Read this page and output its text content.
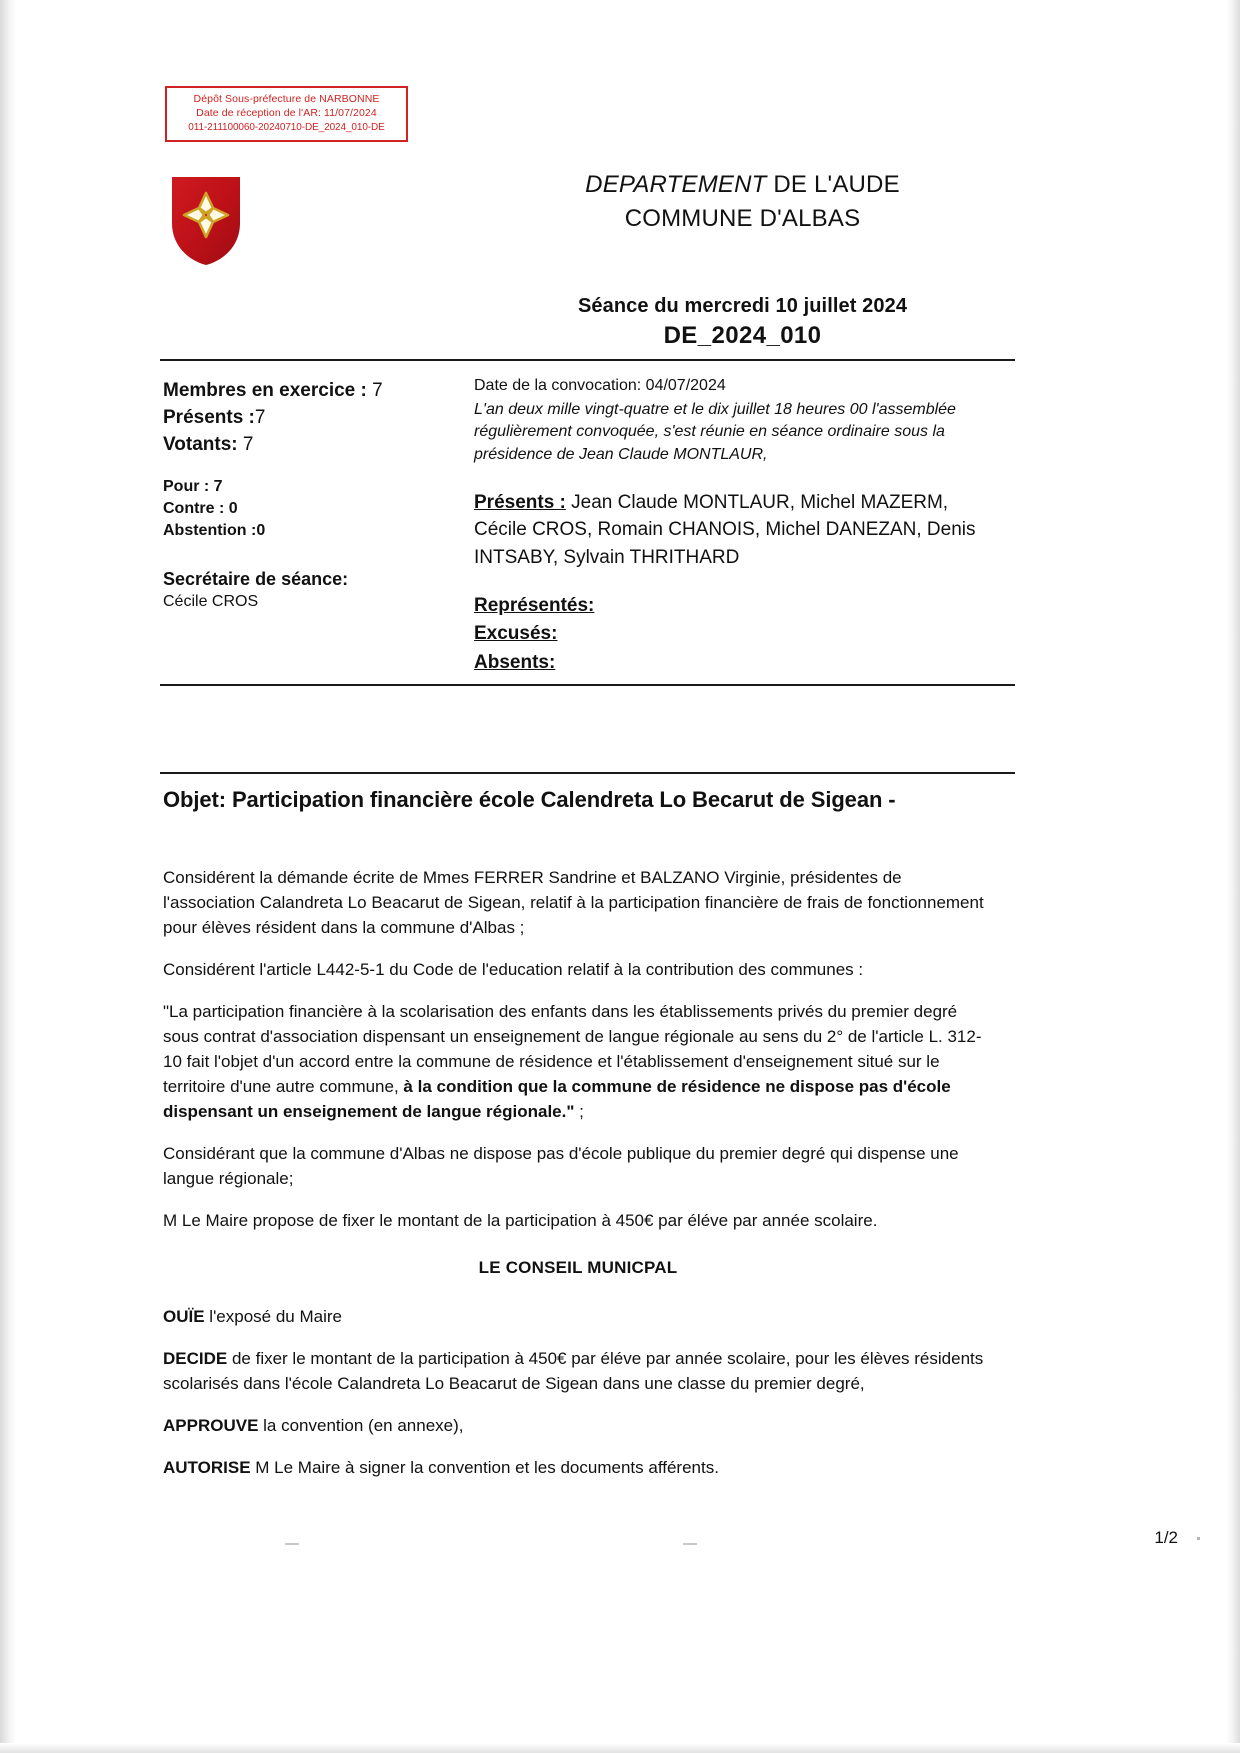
Dépôt Sous-préfecture de NARBONNE
Date de réception de l'AR: 11/07/2024
011-211100060-20240710-DE_2024_010-DE
DEPARTEMENT DE L'AUDE
COMMUNE D'ALBAS
Séance du mercredi 10 juillet 2024
DE_2024_010
Membres en exercice : 7
Présents :7
Votants: 7
Pour : 7
Contre : 0
Abstention :0
Secrétaire de séance:
Cécile CROS
Date de la convocation: 04/07/2024
L'an deux mille vingt-quatre et le dix juillet 18 heures 00 l'assemblée régulièrement convoquée, s'est réunie en séance ordinaire sous la présidence de Jean Claude MONTLAUR,
Présents : Jean Claude MONTLAUR, Michel MAZERM, Cécile CROS, Romain CHANOIS, Michel DANEZAN, Denis INTSABY, Sylvain THRITHARD
Représentés:
Excusés:
Absents:
Objet: Participation financière école Calendreta Lo Becarut de Sigean -

Considérent la démande écrite de Mmes FERRER Sandrine et BALZANO Virginie, présidentes de l'association Calandreta Lo Beacarut de Sigean, relatif à la participation financière de frais de fonctionnement pour élèves résident dans la commune d'Albas ;

Considérent l'article L442-5-1 du Code de l'education relatif à la contribution des communes :

"La participation financière à la scolarisation des enfants dans les établissements privés du premier degré sous contrat d'association dispensant un enseignement de langue régionale au sens du 2° de l'article L. 312-10 fait l'objet d'un accord entre la commune de résidence et l'établissement d'enseignement situé sur le territoire d'une autre commune, à la condition que la commune de résidence ne dispose pas d'école dispensant un enseignement de langue régionale." ;

Considérant que la commune d'Albas ne dispose pas d'école publique du premier degré qui dispense une langue régionale;

M Le Maire propose de fixer le montant de la participation à 450€ par éléve par année scolaire.

LE CONSEIL MUNICPAL

OUÏE l'exposé du Maire

DECIDE de fixer le montant de la participation à 450€ par éléve par année scolaire, pour les élèves résidents scolarisés dans l'école Calandreta Lo Beacarut de Sigean dans une classe du premier degré,

APPROUVE la convention (en annexe),

AUTORISE M Le Maire à signer la convention et les documents afférents.

1/2
